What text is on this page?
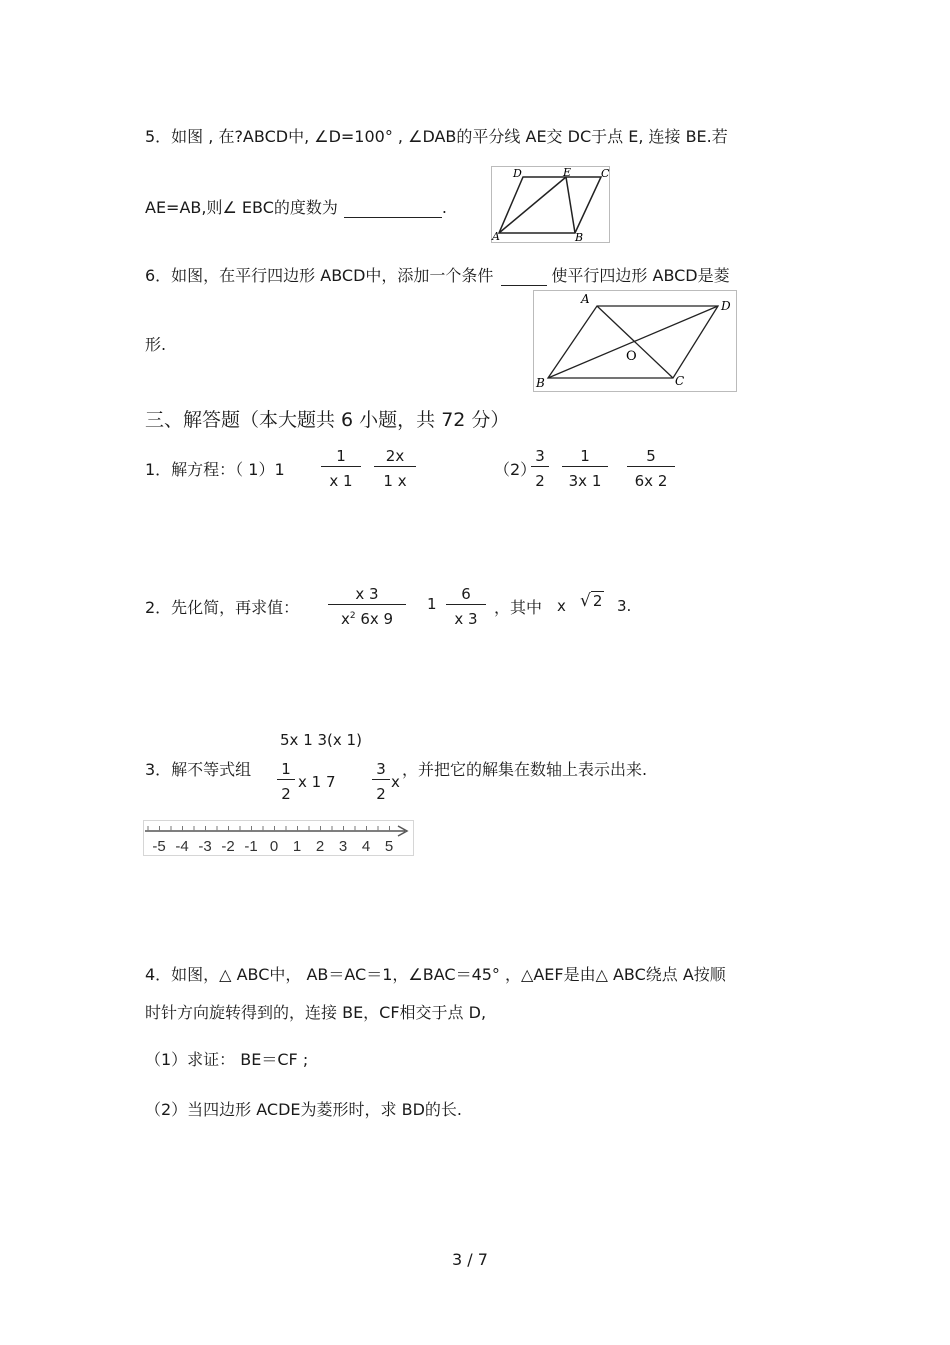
5．如图 , 在?ABCD中, ∠D=100° , ∠DAB的平分线 AE交 DC于点 E, 连接 BE.若
AE=AB,则∠ EBC的度数为	.
A	B
C
D	E
6．如图，在平行四边形 ABCD中，添加一个条件	使平行四边形 ABCD是菱
形.
A
B	C
D
O
三、解答题（本大题共 6 小题，共 72 分）
1．解方程：（ $1)1 \frac{1}{x 1} \frac{2x}{1 x}$	（2）
$\frac{3}{2} \frac{1}{3x 1} \frac{5}{6x 2}$
2．先化简，再求值： $\frac{x 3}{x^2 6x 9} 1 \frac{6}{x 3}$ ，其中 x √ 2 3.
3．解不等式组
5x 1 3(x 1)
$\frac{1}{2}$ x 1 $7 \frac{3}{2}$ x
，并把它的解集在数轴上表示出来.
-5 -4 -3 -2 -1 0 1 2 3 4 5
4．如图，△ ABC中， AB＝AC＝1，∠BAC＝45° ，△AEF是由△ ABC绕点 A按顺
时针方向旋转得到的，连接 BE，CF相交于点 D,
（1）求证： BE＝CF ;
（2）当四边形 ACDE为菱形时，求 BD的长.
3 / 7
